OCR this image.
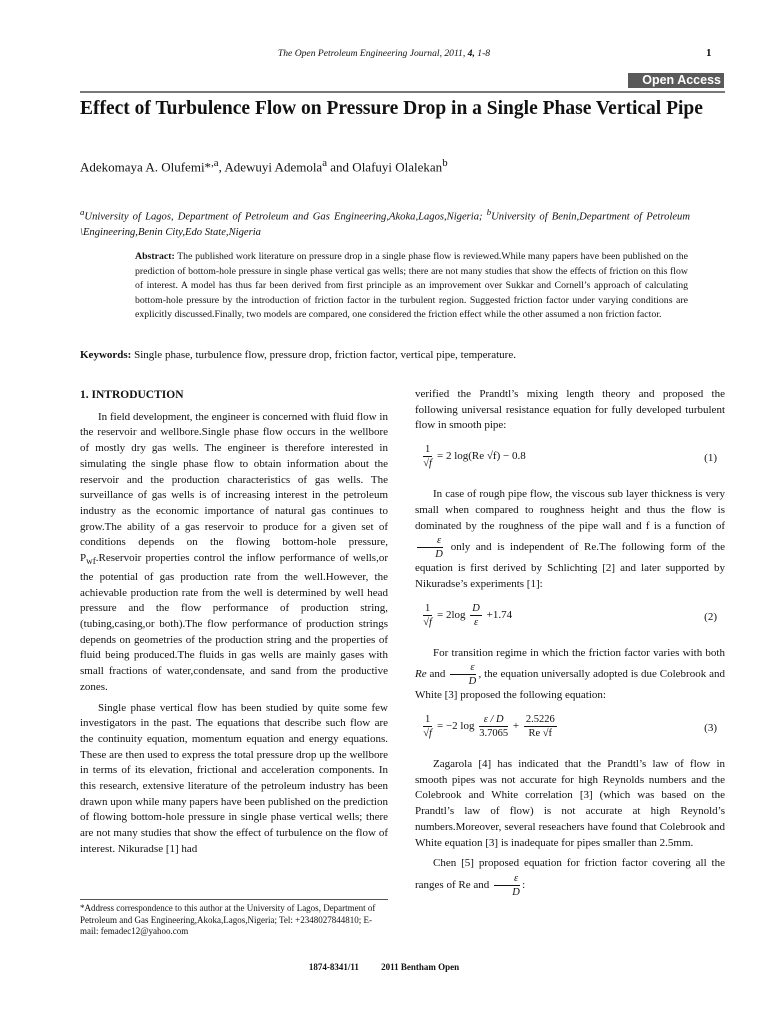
The Open Petroleum Engineering Journal, 2011, 4, 1-8	1
Open Access
Effect of Turbulence Flow on Pressure Drop in a Single Phase Vertical Pipe
Adekomaya A. Olufemi*$^{,a}$, Adewuyi Ademola$^a$ and Olafuyi Olalekan$^b$
$^a$University of Lagos, Department of Petroleum and Gas Engineering,Akoka,Lagos,Nigeria; $^b$University of Benin,Department of Petroleum \Engineering,Benin City,Edo State,Nigeria
Abstract: The published work literature on pressure drop in a single phase flow is reviewed.While many papers have been published on the prediction of bottom-hole pressure in single phase vertical gas wells; there are not many studies that show the effects of friction on this flow of interest. A model has thus far been derived from first principle as an improvement over Sukkar and Cornell’s approach of calculating bottom-hole pressure by the introduction of friction factor in the turbulent region. Suggested friction factor under varying conditions are explicitly discussed.Finally, two models are compared, one considered the friction effect while the other assumed a non friction factor.
Keywords: Single phase, turbulence flow, pressure drop, friction factor, vertical pipe, temperature.

1. INTRODUCTION

In field development, the engineer is concerned with fluid flow in the reservoir and wellbore.Single phase flow occurs in the wellbore of mostly dry gas wells. The engineer is therefore interested in simulating the single phase flow to obtain information about the reservoir and the production characteristics of gas wells. The surveillance of gas wells is of increasing interest in the petroleum industry as the economic importance of natural gas continues to grow.The ability of a gas reservoir to produce for a given set of conditions depends on the flowing bottom-hole pressure, $P_{wf}.Reservoir$ properties control the inflow performance of wells,or the potential of gas production rate from the well.However, the achievable production rate from the well is determined by well head pressure and the flow performance of production string, (tubing,casing,or both).The flow performance of production strings depends on geometries of the production string and the properties of fluid being produced.The fluids in gas wells are mainly gases with small fractions of water,condensate, and sand from the productive zones.

Single phase vertical flow has been studied by quite some few investigators in the past. The equations that describe such flow are the continuity equation, momentum equation and energy equations. These are then used to express the total pressure drop up the wellbore in terms of its elevation, frictional and acceleration components. In this research, extensive literature of the petroleum industry has been drawn upon while many papers have been published on the prediction of flowing bottom-hole pressure in single phase vertical wells; there are not many studies that show the effect of turbulence on the flow of interest. Nikuradse [1] had

verified the Prandtl’s mixing length theory and proposed the following universal resistance equation for fully developed turbulent flow in smooth pipe:

$\frac{1}{√f} = 2$ log(Re √f) − 0.8	(1)

In case of rough pipe flow, the viscous sub layer thickness is very small when compared to roughness height and thus the flow is dominated by the roughness of the pipe wall and f is a function of
$\frac{\varepsilon}{D}$ only and is independent of Re.The following form of the equation is first derived by Schlichting [2] and later supported by Nikuradse’s experiments [1]:

$\frac{1}{√f} = 2\log \frac{D}{\varepsilon} +1.74$	(2)

For transition regime in which the friction factor varies with both Re and $\frac{\varepsilon}{D}$ , the equation universally adopted is due Colebrook and White [3] proposed the following equation:

$\frac{1}{√f} = -2$ $\log \frac{\varepsilon / D}{3.7065} + \frac{2.5226}{Re √f}$	(3)

Zagarola [4] has indicated that the Prandtl’s law of flow in smooth pipes was not accurate for high Reynolds numbers and the Colebrook and White correlation [3] (which was based on the Prandtl’s law of flow) is not accurate at high Reynold’s numbers.Moreover, several reseachers have found that Colebrook and White equation [3] is inadequate for pipes smaller than 2.5mm.

Chen [5] proposed equation for friction factor covering all the ranges of Re and $\frac{\varepsilon}{D}$ :

*Address correspondence to this author at the University of Lagos, Department of Petroleum and Gas Engineering,Akoka,Lagos,Nigeria; Tel: +2348027844810; E-mail: femadec12@yahoo.com
1874-8341/11 2011 Bentham Open
